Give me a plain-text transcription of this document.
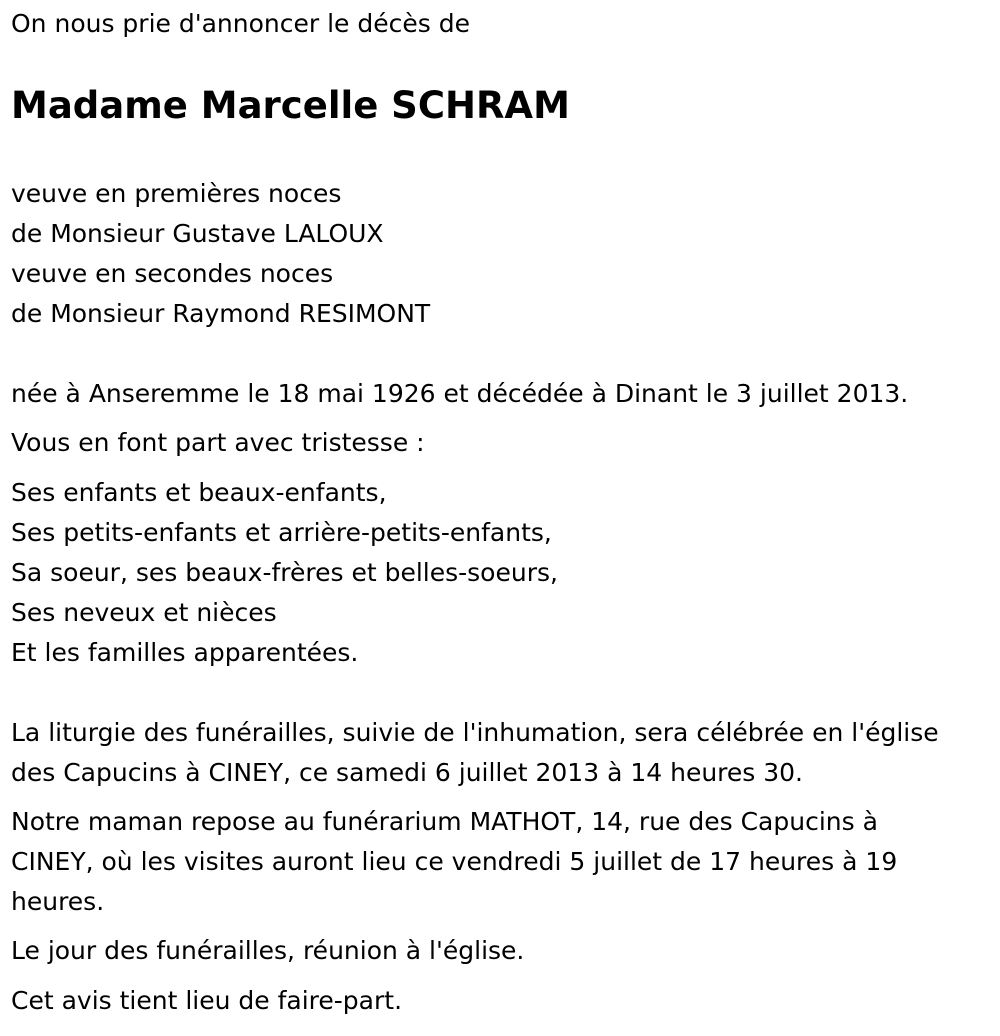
On nous prie d'annoncer le décès de
Madame Marcelle SCHRAM
veuve en premières noces
de Monsieur Gustave LALOUX
veuve en secondes noces
de Monsieur Raymond RESIMONT
née à Anseremme le 18 mai 1926 et décédée à Dinant le 3 juillet 2013.
Vous en font part avec tristesse :
Ses enfants et beaux-enfants,
Ses petits-enfants et arrière-petits-enfants,
Sa soeur, ses beaux-frères et belles-soeurs,
Ses neveux et nièces
Et les familles apparentées.
La liturgie des funérailles, suivie de l'inhumation, sera célébrée en l'église
des Capucins à CINEY, ce samedi 6 juillet 2013 à 14 heures 30.
Notre maman repose au funérarium MATHOT, 14, rue des Capucins à
CINEY, où les visites auront lieu ce vendredi 5 juillet de 17 heures à 19
heures.
Le jour des funérailles, réunion à l'église.
Cet avis tient lieu de faire-part.
